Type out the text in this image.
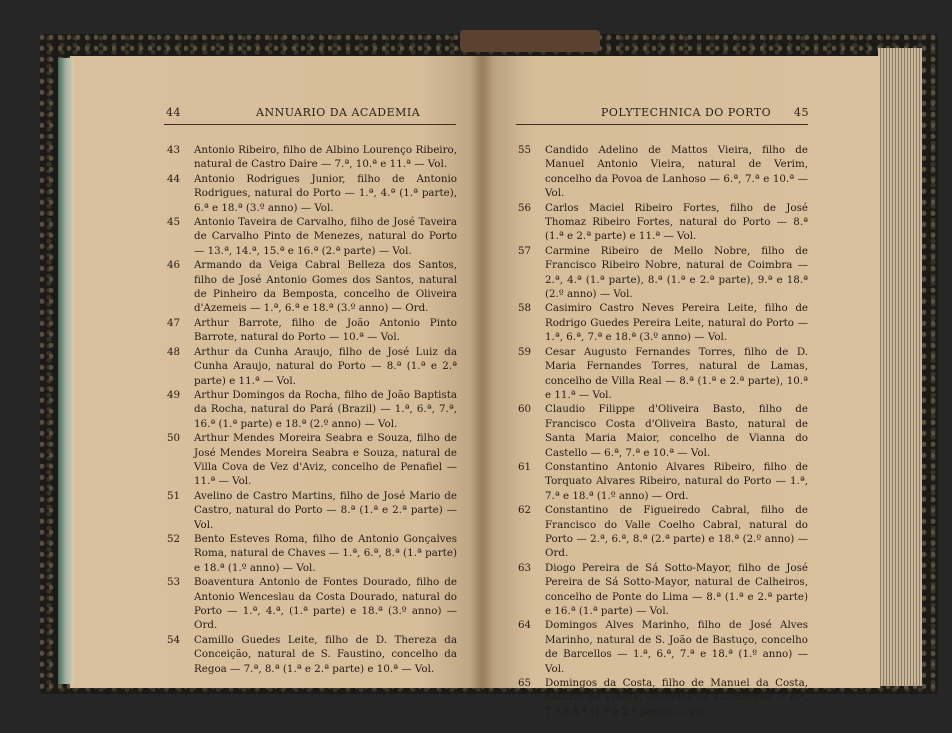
44	ANNUARIO DA ACADEMIA	POLYTECHNICA DO PORTO 45

43 Antonio Ribeiro, filho de Albino Lourenço Ribeiro, natural de Castro Daire — 7.ª, 10.ª e 11.ª — Vol.

44 Antonio Rodrigues Junior, filho de Antonio Rodrigues, natural do Porto — 1.ª, 4.ª (1.ª parte), 6.ª e 18.ª (3.º anno) — Vol.

45 Antonio Taveira de Carvalho, filho de José Taveira de Carvalho Pinto de Menezes, natural do Porto — 13.ª, 14.ª, 15.ª e 16.ª (2.ª parte) — Vol.

46 Armando da Veiga Cabral Belleza dos Santos, filho de José Antonio Gomes dos Santos, natural de Pinheiro da Bemposta, concelho de Oliveira d'Azemeis — 1.ª, 6.ª e 18.ª (3.º anno) — Ord.

47 Arthur Barrote, filho de João Antonio Pinto Barrote, natural do Porto — 10.ª — Vol.

48 Arthur da Cunha Araujo, filho de José Luiz da Cunha Araujo, natural do Porto — 8.ª (1.ª e 2.ª parte) e 11.ª — Vol.

49 Arthur Domingos da Rocha, filho de João Baptista da Rocha, natural do Pará (Brazil) — 1.ª, 6.ª, 7.ª, 16.ª (1.ª parte) e 18.ª (2.º anno) — Vol.

50 Arthur Mendes Moreira Seabra e Souza, filho de José Mendes Moreira Seabra e Souza, natural de Villa Cova de Vez d'Aviz, concelho de Penafiel — 11.ª — Vol.

51 Avelino de Castro Martins, filho de José Mario de Castro, natural do Porto — 8.ª (1.ª e 2.ª parte) — Vol.

52 Bento Esteves Roma, filho de Antonio Gonçalves Roma, natural de Chaves — 1.ª, 6.ª, 8.ª (1.ª parte) e 18.ª (1.º anno) — Vol.

53 Boaventura Antonio de Fontes Dourado, filho de Antonio Wenceslau da Costa Dourado, natural do Porto — 1.ª, 4.ª, (1.ª parte) e 18.ª (3.º anno) — Ord.

54 Camillo Guedes Leite, filho de D. Thereza da Conceição, natural de S. Faustino, concelho da Regoa — 7.ª, 8.ª (1.ª e 2.ª parte) e 10.ª — Vol.

55 Candido Adelino de Mattos Vieira, filho de Manuel Antonio Vieira, natural de Verim, concelho da Povoa de Lanhoso — 6.ª, 7.ª e 10.ª — Vol.

56 Carlos Maciel Ribeiro Fortes, filho de José Thomaz Ribeiro Fortes, natural do Porto — 8.ª (1.ª e 2.ª parte) e 11.ª — Vol.

57 Carmine Ribeiro de Mello Nobre, filho de Francisco Ribeiro Nobre, natural de Coimbra — 2.ª, 4.ª (1.ª parte), 8.ª (1.ª e 2.ª parte), 9.ª e 18.ª (2.º anno) — Vol.

58 Casimiro Castro Neves Pereira Leite, filho de Rodrigo Guedes Pereira Leite, natural do Porto — 1.ª, 6.ª, 7.ª e 18.ª (3.º anno) — Vol.

59 Cesar Augusto Fernandes Torres, filho de D. Maria Fernandes Torres, natural de Lamas, concelho de Villa Real — 8.ª (1.ª e 2.ª parte), 10.ª e 11.ª — Vol.

60 Claudio Filippe d'Oliveira Basto, filho de Francisco Costa d'Oliveira Basto, natural de Santa Maria Maior, concelho de Vianna do Castello — 6.ª, 7.ª e 10.ª — Vol.

61 Constantino Antonio Alvares Ribeiro, filho de Torquato Alvares Ribeiro, natural do Porto — 1.ª, 7.ª e 18.ª (1.º anno) — Ord.

62 Constantino de Figueiredo Cabral, filho de Francisco do Valle Coelho Cabral, natural do Porto — 2.ª, 6.ª, 8.ª (2.ª parte) e 18.ª (2.º anno) — Ord.

63 Diogo Pereira de Sá Sotto-Mayor, filho de José Pereira de Sá Sotto-Mayor, natural de Calheiros, concelho de Ponte do Lima — 8.ª (1.ª e 2.ª parte) e 16.ª (1.ª parte) — Vol.

64 Domingos Alves Marinho, filho de José Alves Marinho, natural de S. João de Bastuço, concelho de Barcellos — 1.ª, 6.ª, 7.ª e 18.ª (1.º anno) — Vol.

65 Domingos da Costa, filho de Manuel da Costa, natural de Vizella, concelho de Guimarães — 6.ª, 7.ª e 8.ª (1.ª e 2.ª parte) — Vol.
